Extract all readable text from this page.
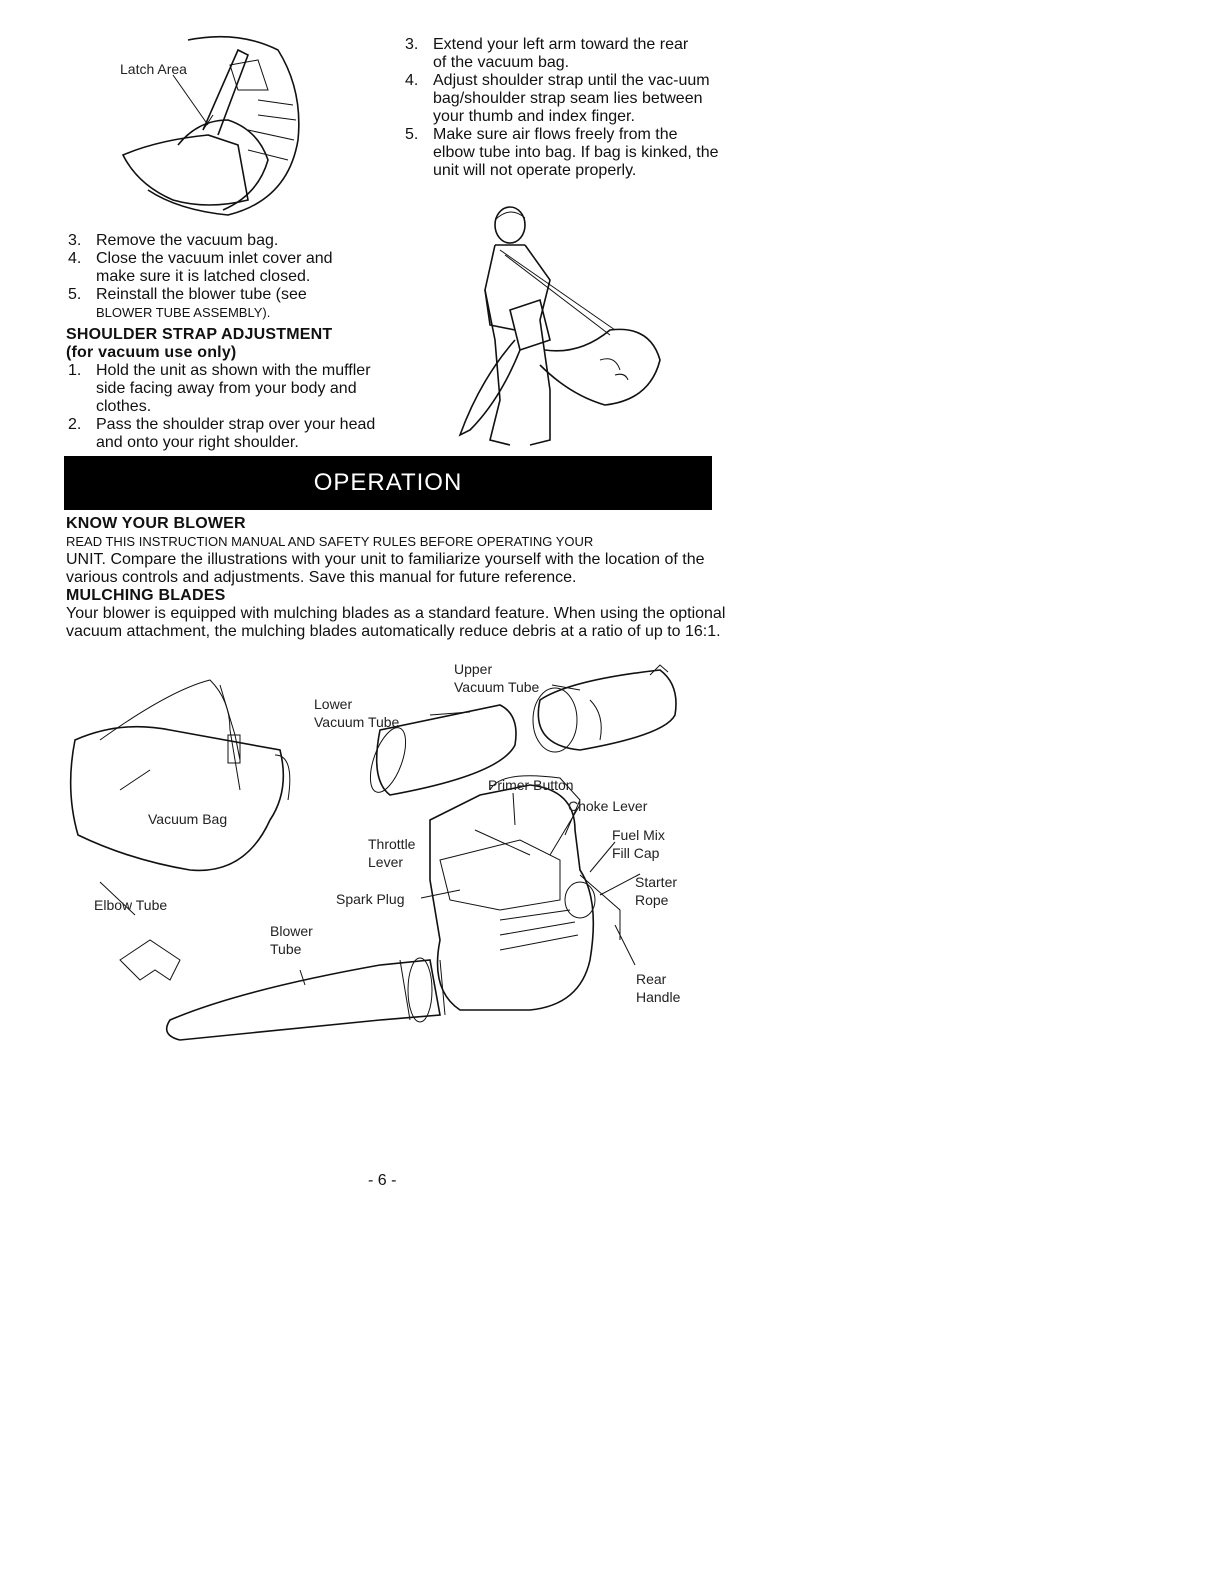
Latch Area
3. Remove the vacuum bag.
4. Close the vacuum inlet cover and make sure it is latched closed.
5. Reinstall the blower tube (see
BLOWER TUBE ASSEMBLY).
SHOULDER STRAP ADJUSTMENT
(for vacuum use only)
1. Hold the unit as shown with the muffler side facing away from your body and clothes.
2. Pass the shoulder strap over your head and onto your right shoulder.
3. Extend your left arm toward the rear of the vacuum bag.
4. Adjust shoulder strap until the vac-uum bag/shoulder strap seam lies between your thumb and index finger.
5. Make sure air flows freely from the elbow tube into bag. If bag is kinked, the unit will not operate properly.
OPERATION
KNOW YOUR BLOWER
READ THIS INSTRUCTION MANUAL AND SAFETY RULES BEFORE OPERATING YOUR
UNIT. Compare the illustrations with your unit to familiarize yourself with the location of the various controls and adjustments. Save this manual for future reference.
MULCHING BLADES
Your blower is equipped with mulching blades as a standard feature. When using the optional vacuum attachment, the mulching blades automatically reduce debris at a ratio of up to 16:1.
Upper
Vacuum Tube
Lower
Vacuum Tube
Vacuum Bag
Primer Button
Choke Lever
Fuel Mix
Fill Cap
Throttle
Lever
Starter
Rope
Spark Plug
Elbow Tube
Blower
Tube
Rear
Handle
- 6 -
